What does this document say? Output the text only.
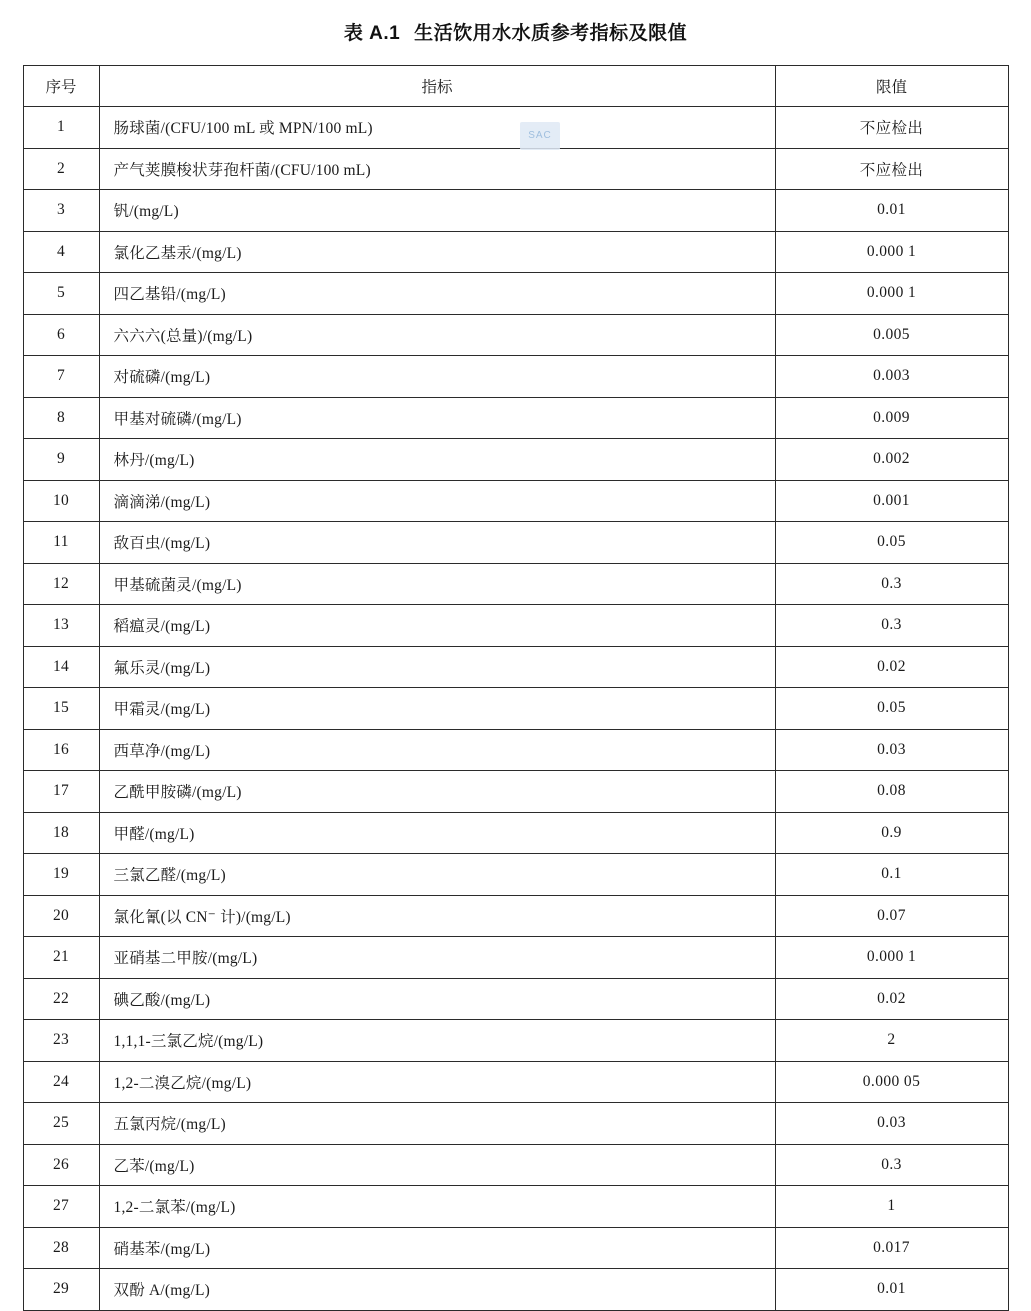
表 A.1 生活饮用水水质参考指标及限值
序号	指标	限值
1	肠球菌/(CFU/100 mL 或 MPN/100 mL)	不应检出
2	产气荚膜梭状芽孢杆菌/(CFU/100 mL)	不应检出
3	钒/(mg/L)	0.01
4	氯化乙基汞/(mg/L)	0.000 1
5	四乙基铅/(mg/L)	0.000 1
6	六六六(总量)/(mg/L)	0.005
7	对硫磷/(mg/L)	0.003
8	甲基对硫磷/(mg/L)	0.009
9	林丹/(mg/L)	0.002
10	滴滴涕/(mg/L)	0.001
11	敌百虫/(mg/L)	0.05
12	甲基硫菌灵/(mg/L)	0.3
13	稻瘟灵/(mg/L)	0.3
14	氟乐灵/(mg/L)	0.02
15	甲霜灵/(mg/L)	0.05
16	西草净/(mg/L)	0.03
17	乙酰甲胺磷/(mg/L)	0.08
18	甲醛/(mg/L)	0.9
19	三氯乙醛/(mg/L)	0.1
20	氯化氰(以 CN⁻ 计)/(mg/L)	0.07
21	亚硝基二甲胺/(mg/L)	0.000 1
22	碘乙酸/(mg/L)	0.02
23	1,1,1-三氯乙烷/(mg/L)	2
24	1,2-二溴乙烷/(mg/L)	0.000 05
25	五氯丙烷/(mg/L)	0.03
26	乙苯/(mg/L)	0.3
27	1,2-二氯苯/(mg/L)	1
28	硝基苯/(mg/L)	0.017
29	双酚 A/(mg/L)	0.01
SAC
